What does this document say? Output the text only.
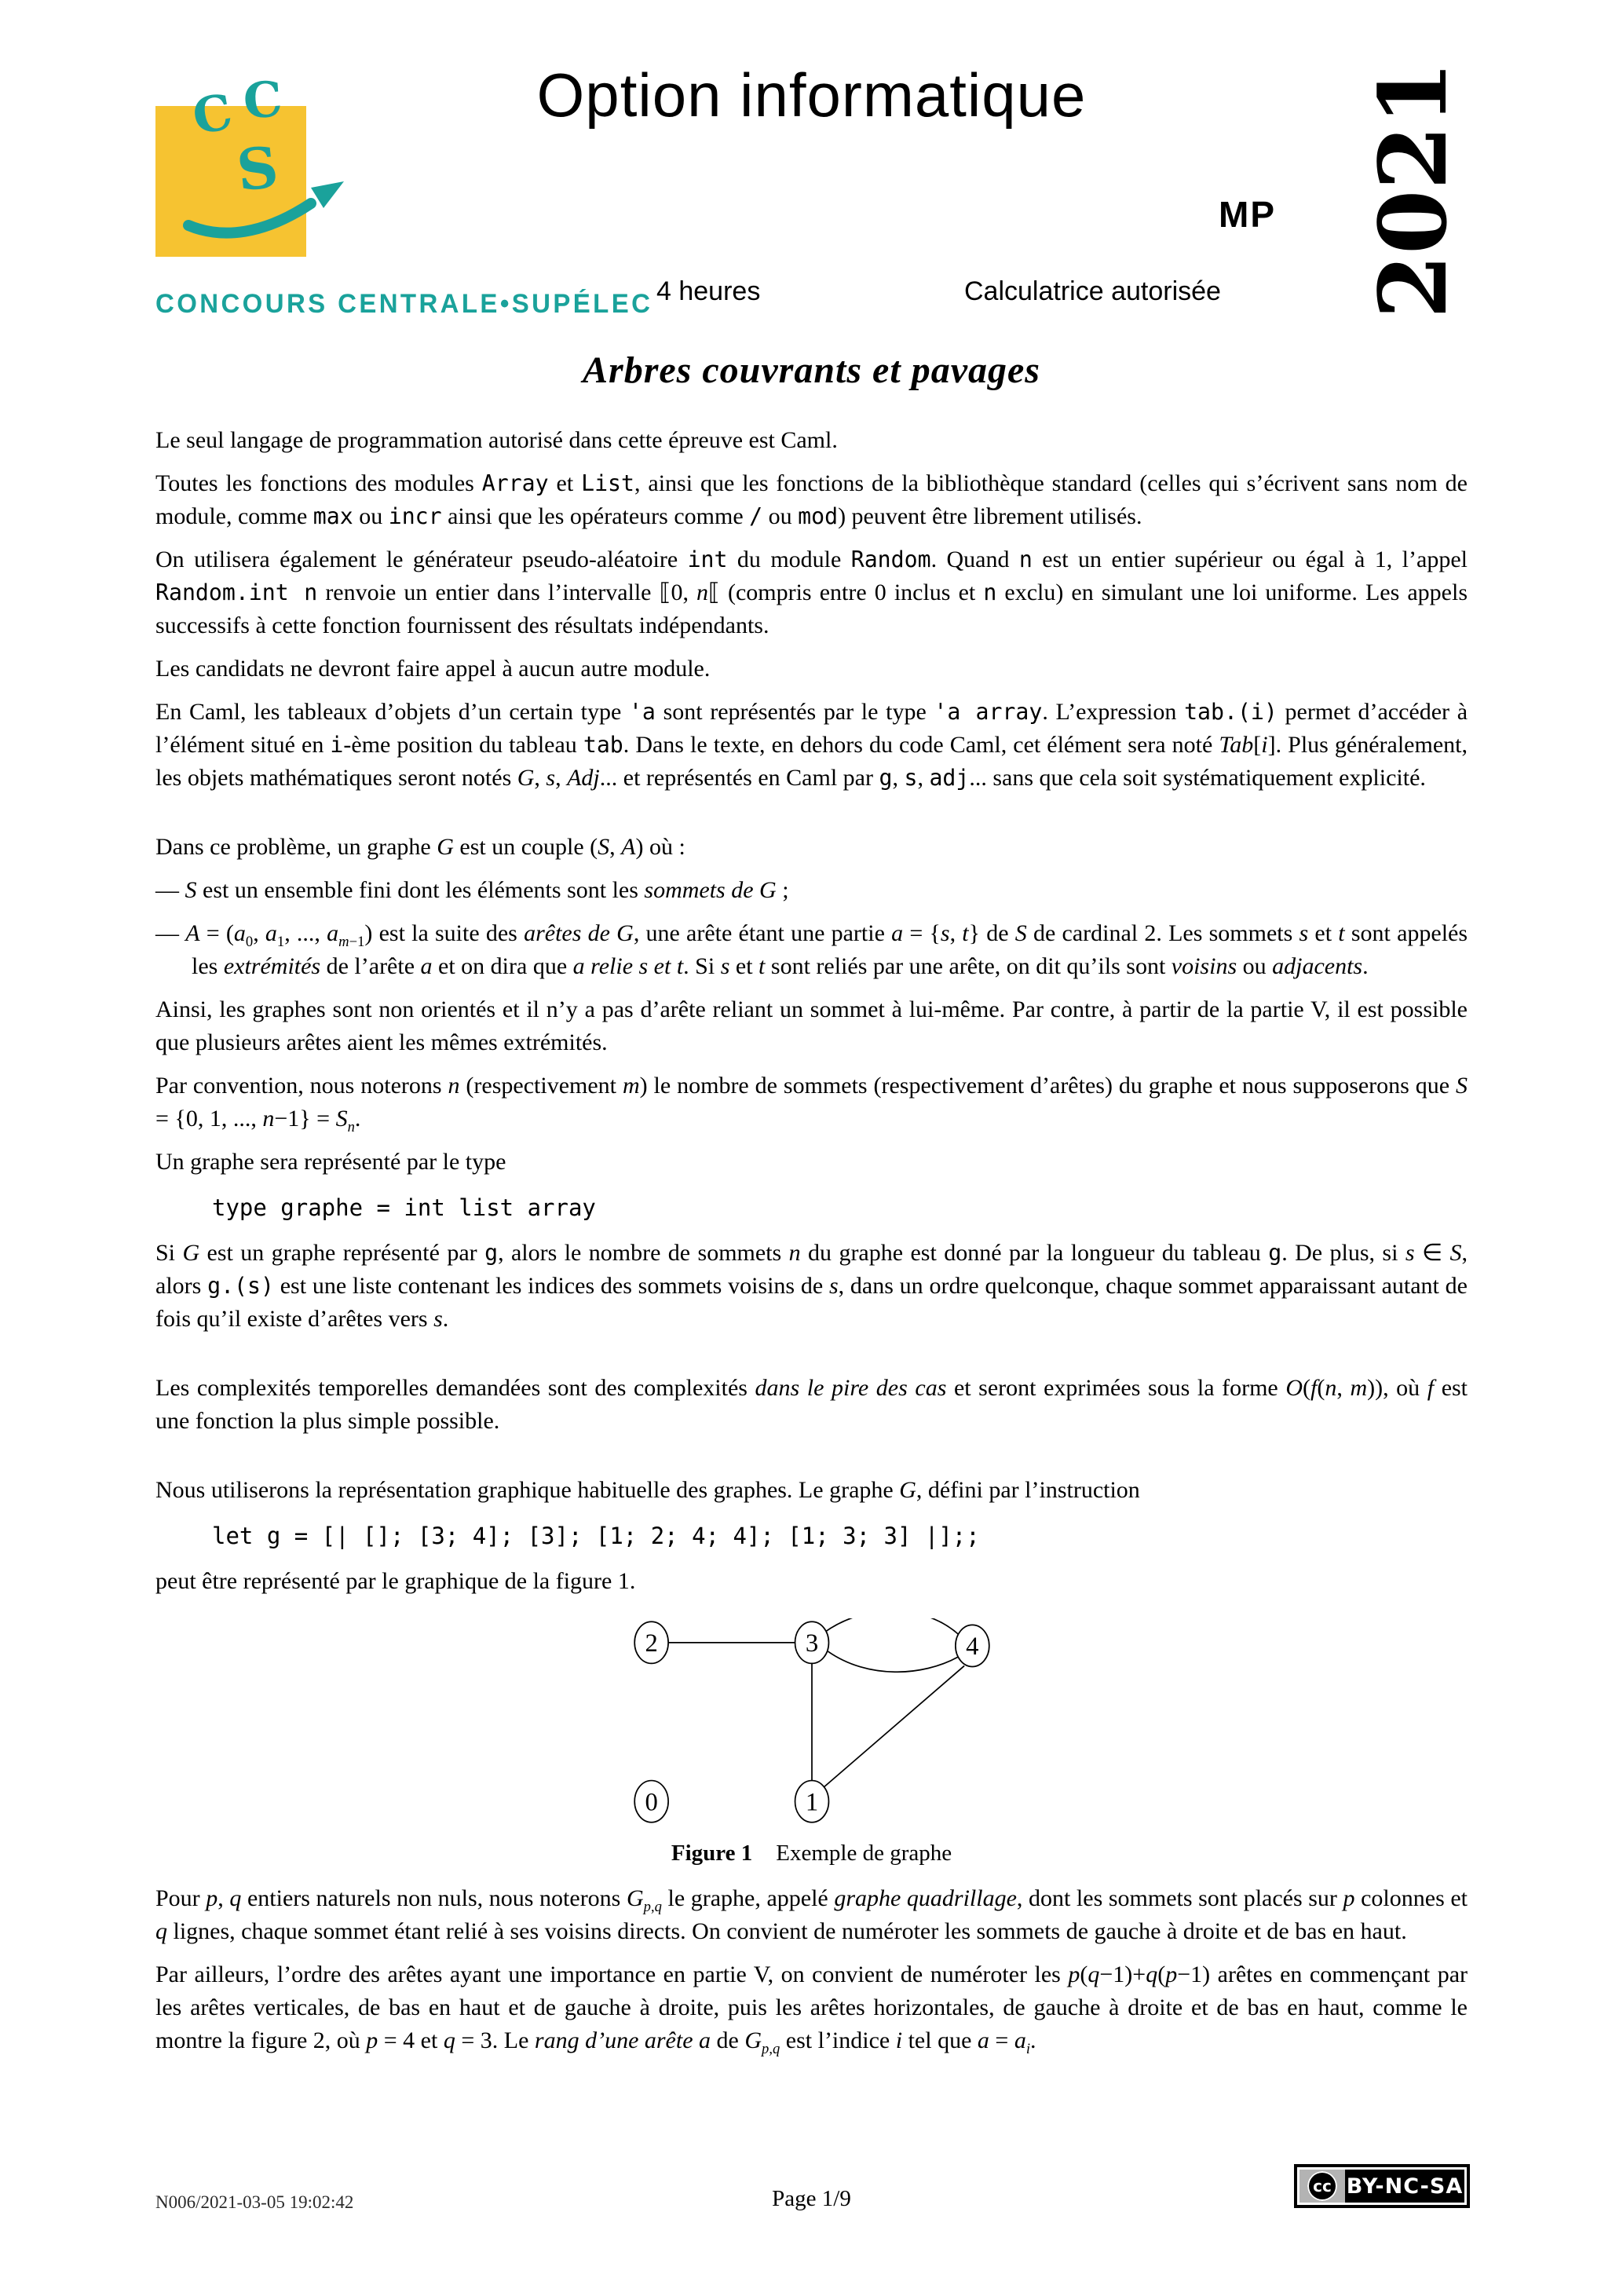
C C
S
CONCOURS CENTRALE•SUPÉLEC
Option informatique
MP 2021
4 heures	Calculatrice autorisée
Arbres couvrants et pavages
Le seul langage de programmation autorisé dans cette épreuve est Caml.
Toutes les fonctions des modules Array et List, ainsi que les fonctions de la bibliothèque standard (celles qui s’écrivent sans nom de module, comme max ou incr ainsi que les opérateurs comme / ou mod) peuvent être librement utilisés.
On utilisera également le générateur pseudo-aléatoire int du module Random. Quand n est un entier supérieur ou égal à 1, l’appel Random.int n renvoie un entier dans l’intervalle ⟦0, n⟦ (compris entre 0 inclus et n exclu) en simulant une loi uniforme. Les appels successifs à cette fonction fournissent des résultats indépendants.
Les candidats ne devront faire appel à aucun autre module.
En Caml, les tableaux d’objets d’un certain type 'a sont représentés par le type 'a array. L’expression tab.(i) permet d’accéder à l’élément situé en i-ème position du tableau tab. Dans le texte, en dehors du code Caml, cet élément sera noté Tab[i]. Plus généralement, les objets mathématiques seront notés G, s, Adj... et représentés en Caml par g, s, adj... sans que cela soit systématiquement explicité.
Dans ce problème, un graphe G est un couple (S, A) où :
— S est un ensemble fini dont les éléments sont les sommets de G ;
— $A = (a_0$, $a_1$, ..., $a_{m-1}$) est la suite des arêtes de G, une arête étant une partie a = {s, t} de S de cardinal 2. Les sommets s et t sont appelés les extrémités de l’arête a et on dira que a relie s et t. Si s et t sont reliés par une arête, on dit qu’ils sont voisins ou adjacents.
Ainsi, les graphes sont non orientés et il n’y a pas d’arête reliant un sommet à lui-même. Par contre, à partir de la partie V, il est possible que plusieurs arêtes aient les mêmes extrémités.
Par convention, nous noterons n (respectivement m) le nombre de sommets (respectivement d’arêtes) du graphe et nous supposerons que S = {0, 1, ..., $n-1\} = S_n$.
Un graphe sera représenté par le type
type graphe = int list array
Si G est un graphe représenté par g, alors le nombre de sommets n du graphe est donné par la longueur du tableau g. De plus, si s ∈ S, alors g.(s) est une liste contenant les indices des sommets voisins de s, dans un ordre quelconque, chaque sommet apparaissant autant de fois qu’il existe d’arêtes vers s.
Les complexités temporelles demandées sont des complexités dans le pire des cas et seront exprimées sous la forme O(f(n, m)), où f est une fonction la plus simple possible.
Nous utiliserons la représentation graphique habituelle des graphes. Le graphe G, défini par l’instruction
let g = [| []; [3; 4]; [3]; [1; 2; 4; 4]; [1; 3; 3] |];;
peut être représenté par le graphique de la figure 1.
2	3	4
0	1
Figure 1 Exemple de graphe
Pour p, q entiers naturels non nuls, nous noterons $G_{p,q}$ le graphe, appelé graphe quadrillage, dont les sommets sont placés sur p colonnes et q lignes, chaque sommet étant relié à ses voisins directs. On convient de numéroter les sommets de gauche à droite et de bas en haut.
Par ailleurs, l’ordre des arêtes ayant une importance en partie V, on convient de numéroter les p(q−1)+q(p−1) arêtes en commençant par les arêtes verticales, de bas en haut et de gauche à droite, puis les arêtes horizontales, de gauche à droite et de bas en haut, comme le montre la figure 2, où p = 4 et q = 3. Le rang d’une arête a de $G_{p,q}$ est l’indice i tel que $a = a_i$.
N006/2021-03-05 19:02:42	Page 1/9	cc BY-NC-SA
